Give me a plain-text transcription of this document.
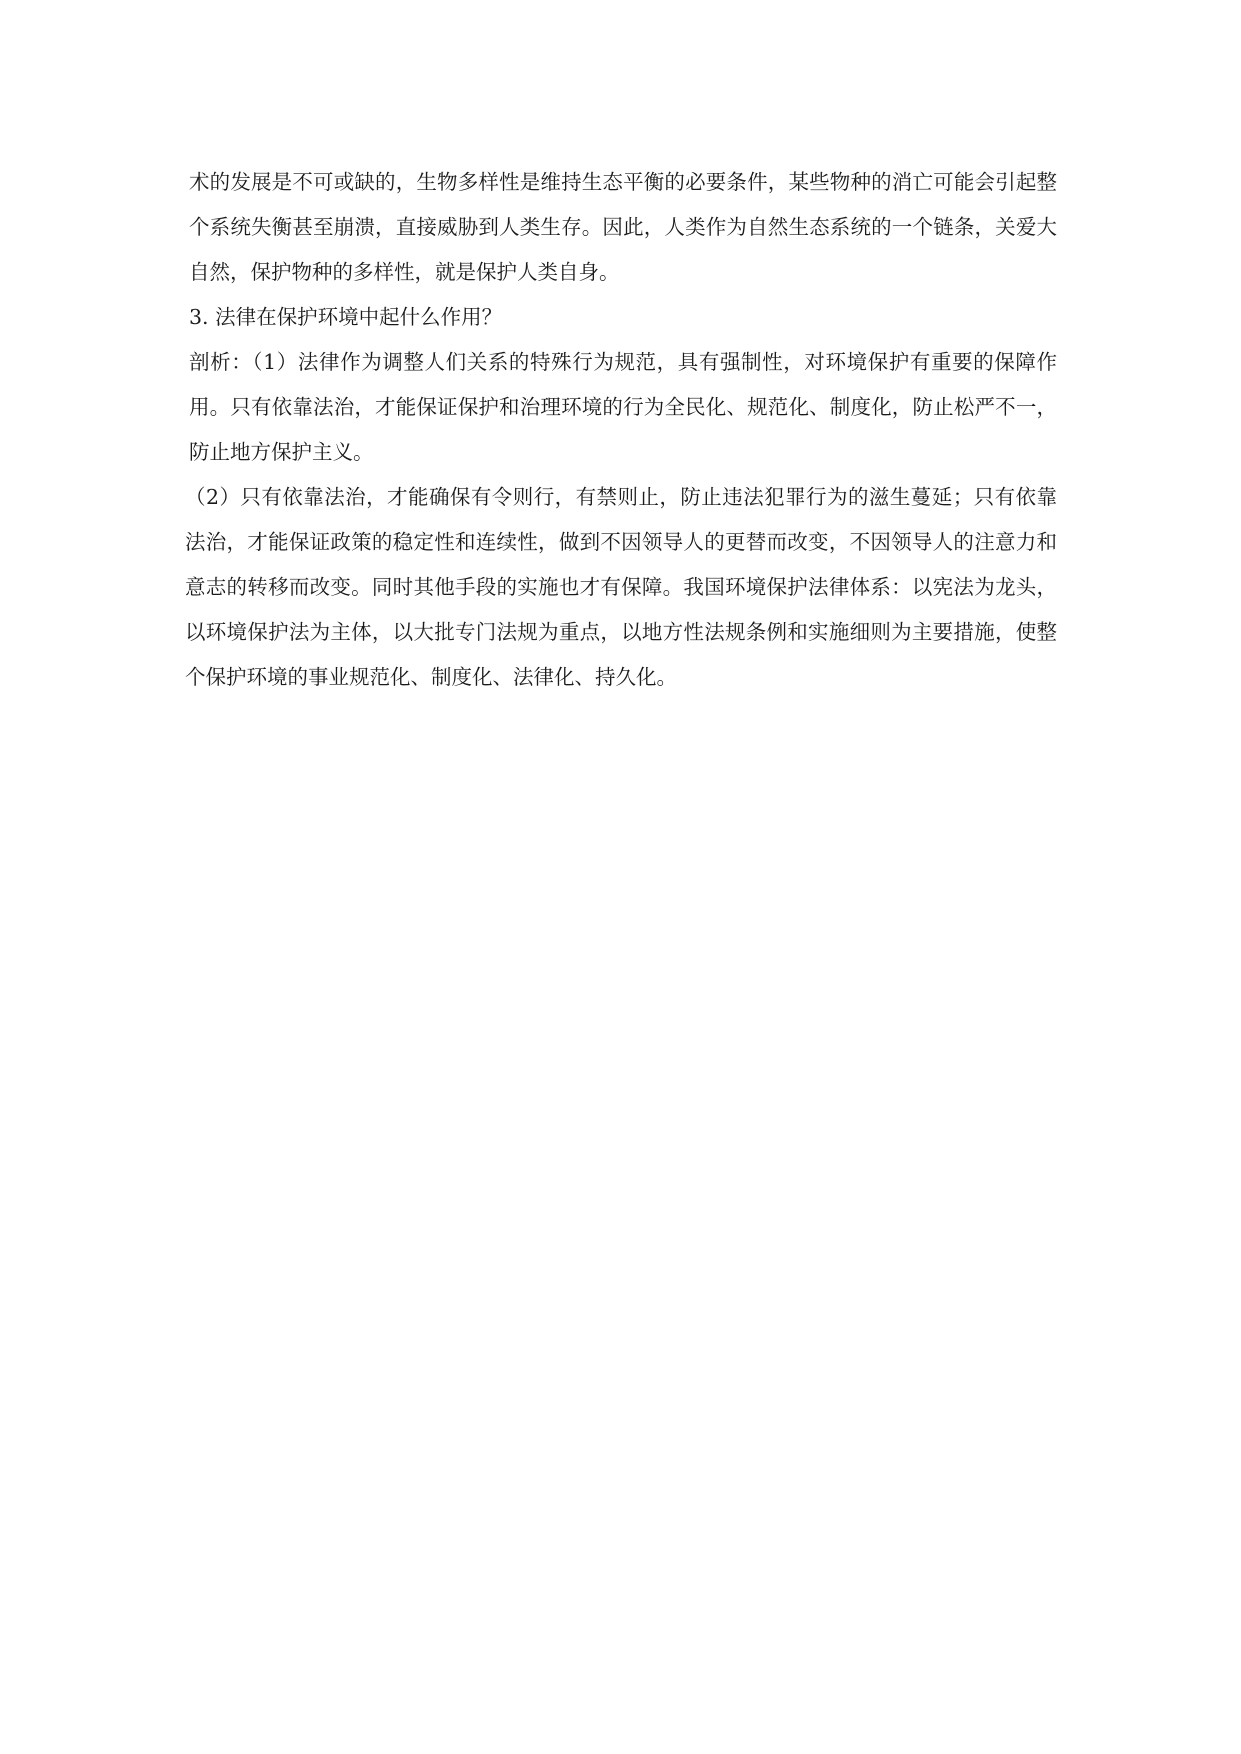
术的发展是不可或缺的，生物多样性是维持生态平衡的必要条件，某些物种的消亡可能会引起整个系统失衡甚至崩溃，直接威胁到人类生存。因此，人类作为自然生态系统的一个链条，关爱大自然，保护物种的多样性，就是保护人类自身。

3. 法律在保护环境中起什么作用？

剖析：（1）法律作为调整人们关系的特殊行为规范，具有强制性，对环境保护有重要的保障作用。只有依靠法治，才能保证保护和治理环境的行为全民化、规范化、制度化，防止松严不一，防止地方保护主义。

（2）只有依靠法治，才能确保有令则行，有禁则止，防止违法犯罪行为的滋生蔓延；只有依靠法治，才能保证政策的稳定性和连续性，做到不因领导人的更替而改变，不因领导人的注意力和意志的转移而改变。同时其他手段的实施也才有保障。我国环境保护法律体系：以宪法为龙头，以环境保护法为主体，以大批专门法规为重点，以地方性法规条例和实施细则为主要措施，使整个保护环境的事业规范化、制度化、法律化、持久化。
